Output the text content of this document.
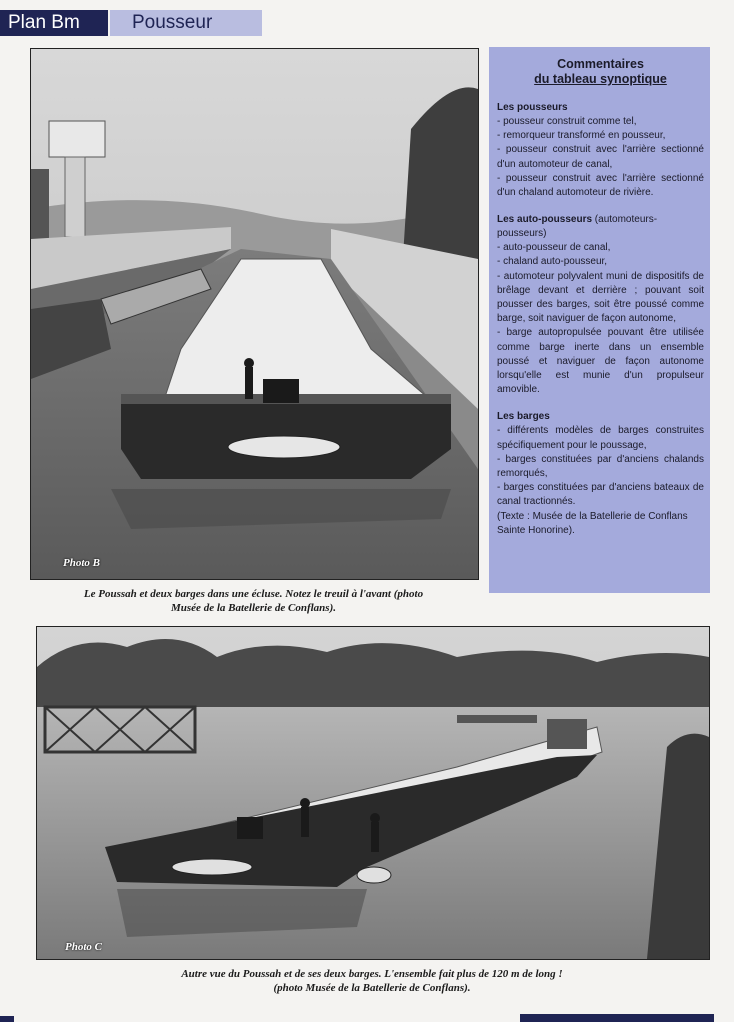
Plan Bm	Pousseur
Photo B
Le Poussah et deux barges dans une écluse. Notez le treuil à l'avant (photo
Musée de la Batellerie de Conflans).
Commentaires
du tableau synoptique
Les pousseurs
- pousseur construit comme tel,
- remorqueur transformé en pousseur,
- pousseur construit avec l'arrière sectionné d'un automoteur de canal,
- pousseur construit avec l'arrière sectionné d'un chaland automoteur de rivière.
Les auto-pousseurs (automoteurs-pousseurs)
- auto-pousseur de canal,
- chaland auto-pousseur,
- automoteur polyvalent muni de dispositifs de brêlage devant et derrière ; pouvant soit pousser des barges, soit être poussé comme barge, soit naviguer de façon autonome,
- barge autopropulsée pouvant être utilisée comme barge inerte dans un ensemble poussé et naviguer de façon autonome lorsqu'elle est munie d'un propulseur amovible.
Les barges
- différents modèles de barges construites spécifiquement pour le poussage,
- barges constituées par d'anciens chalands remorqués,
- barges constituées par d'anciens bateaux de canal tractionnés.
(Texte : Musée de la Batellerie de Conflans Sainte Honorine).
Photo C
Autre vue du Poussah et de ses deux barges. L'ensemble fait plus de 120 m de long !
(photo Musée de la Batellerie de Conflans).
